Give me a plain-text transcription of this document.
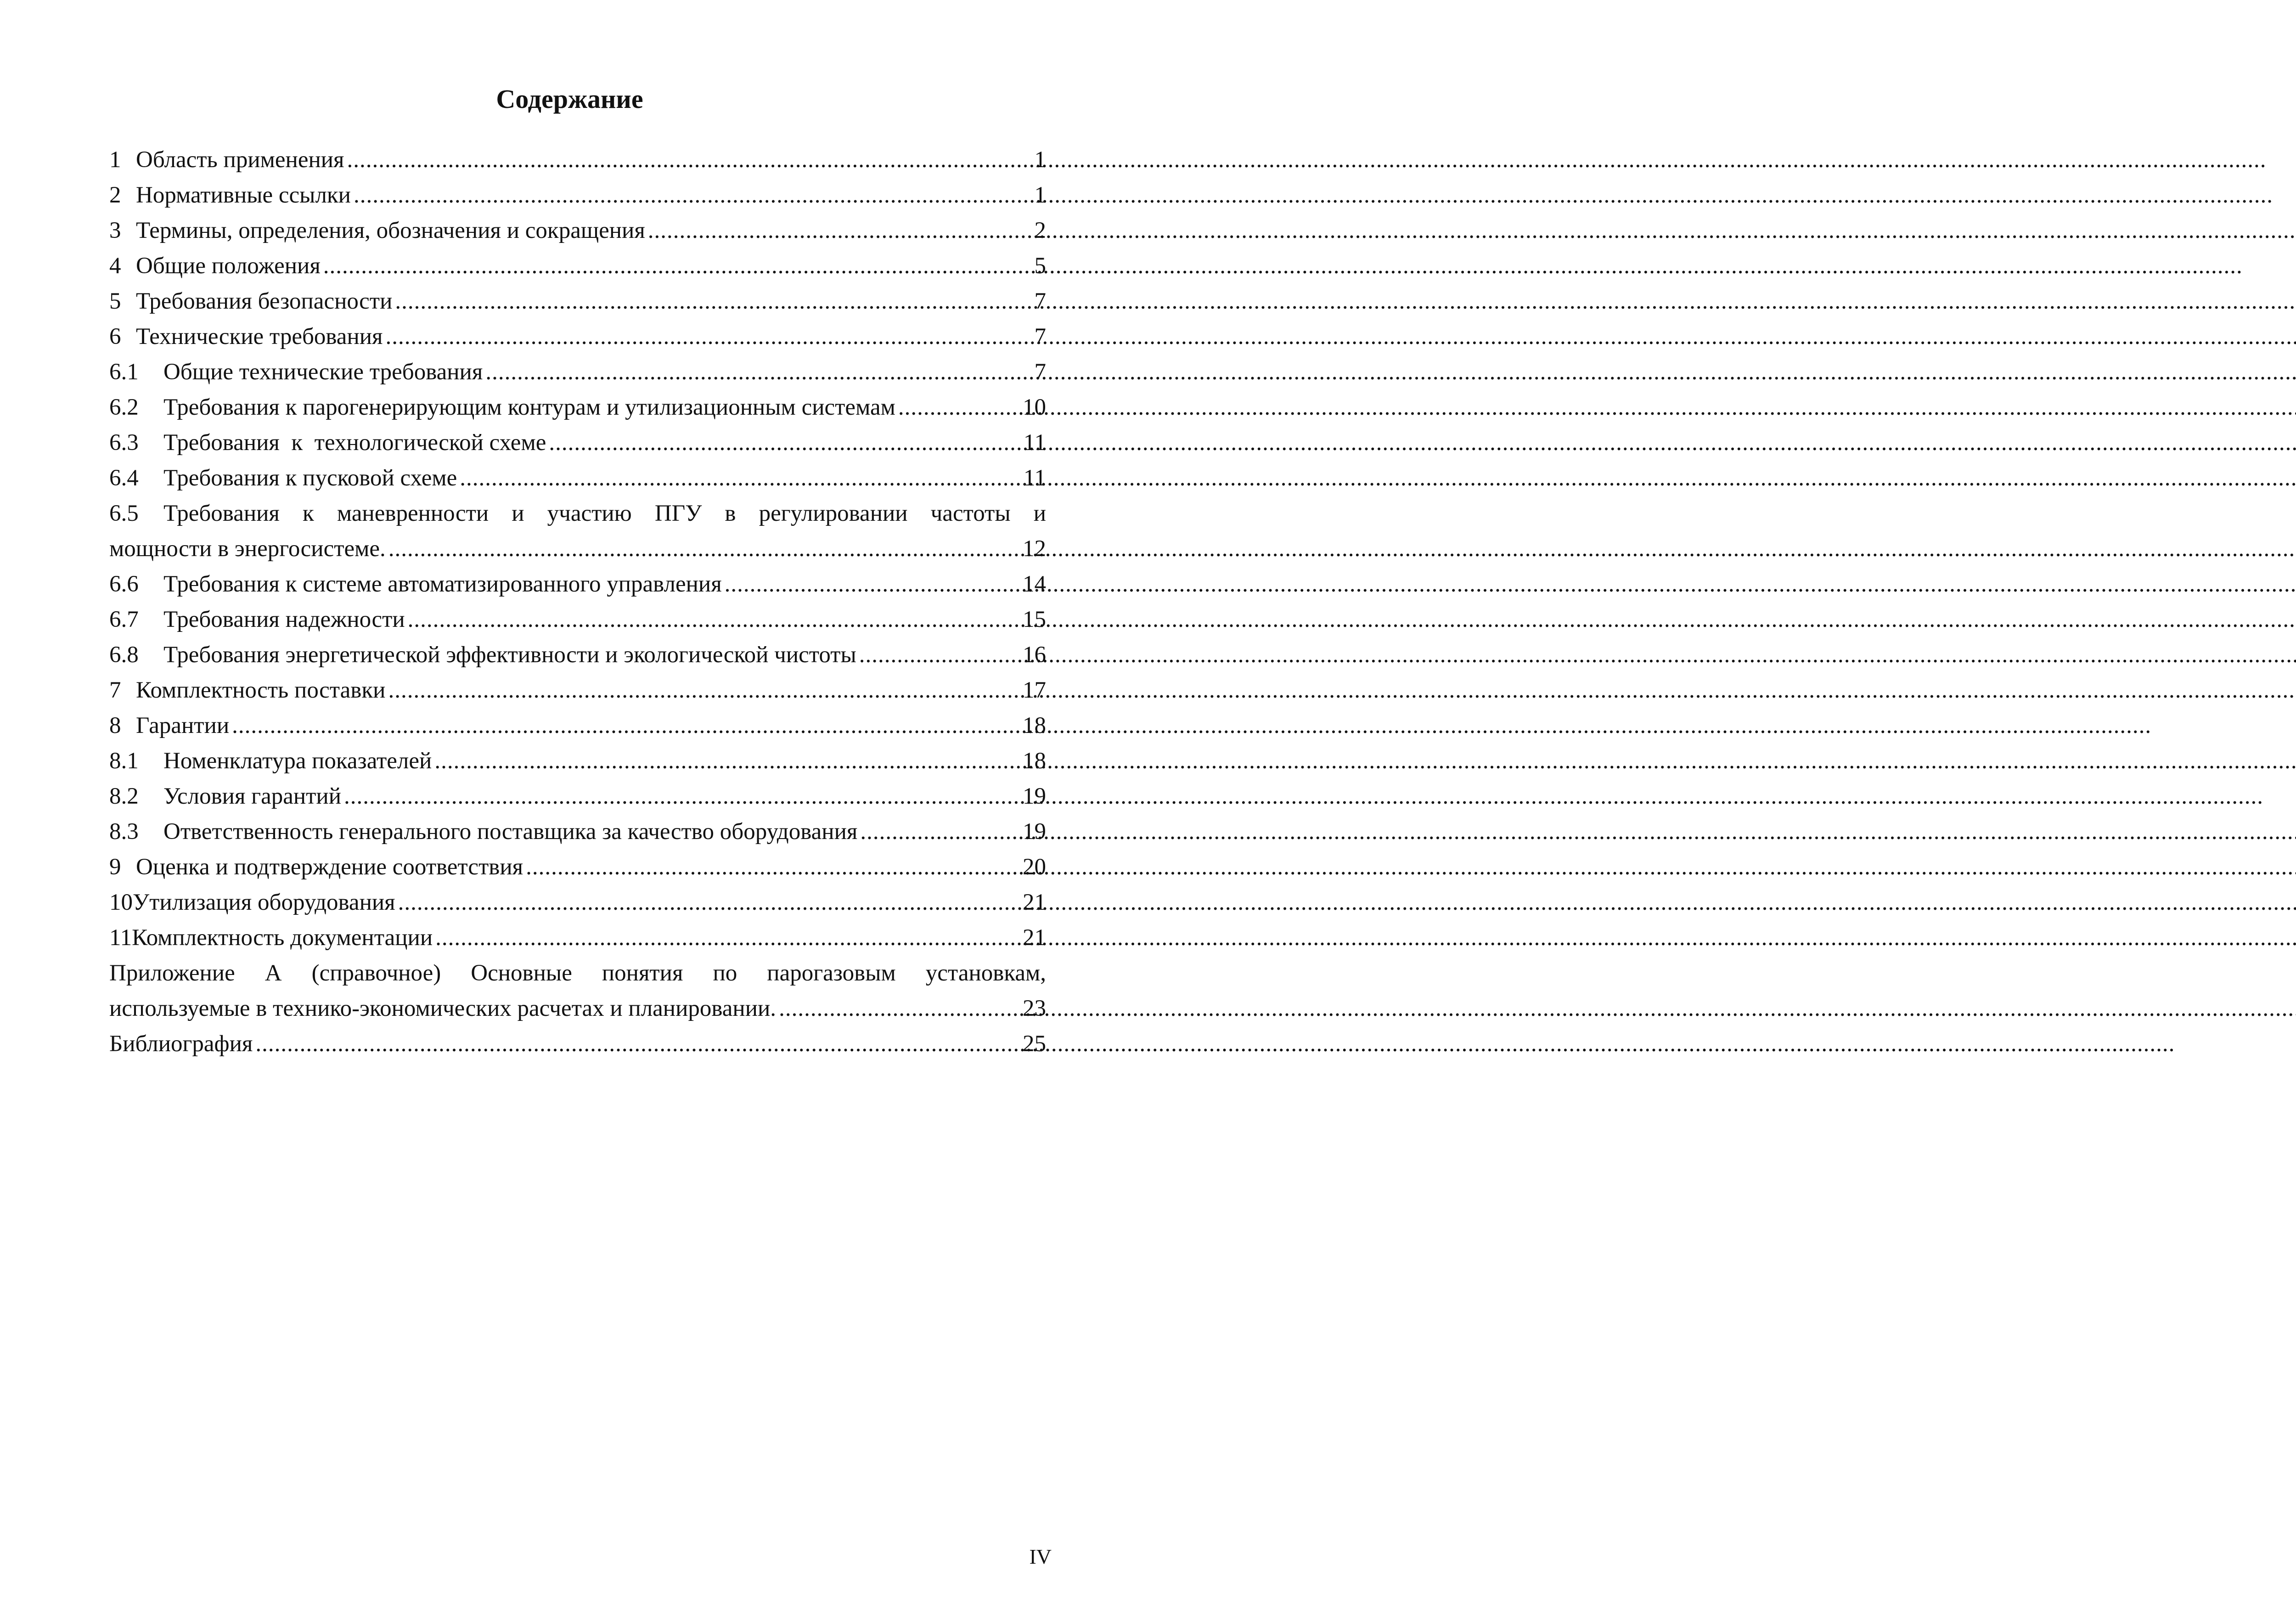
Содержание
1 Область применения .....	1
2 Нормативные ссылки .....	1
3 Термины, определения, обозначения и сокращения .....	2
4 Общие положения .....	5
5 Требования безопасности .....	7
6 Технические требования .....	7
6.1 Общие технические требования .....	7
6.2 Требования к парогенерирующим контурам и утилизационным системам .....	10
6.3 Требования  к  технологической схеме .....	11
6.4 Требования к пусковой схеме .....	11
6.5 Требования к маневренности и участию ПГУ в регулировании частоты и
мощности в энергосистеме. .....	12
6.6 Требования к системе автоматизированного управления .....	14
6.7 Требования надежности .....	15
6.8 Требования энергетической эффективности и экологической чистоты .....	16
7 Комплектность поставки .....	17
8 Гарантии .....	18
8.1 Номенклатура показателей .....	18
8.2 Условия гарантий .....	19
8.3 Ответственность генерального поставщика за качество оборудования .....	19
9 Оценка и подтверждение соответствия .....	20
10Утилизация оборудования .....	21
11Комплектность документации .....	21
Приложение А (справочное) Основные понятия по парогазовым установкам,
используемые в технико-экономических расчетах и планировании. .....	23
Библиография .....	25
IV
